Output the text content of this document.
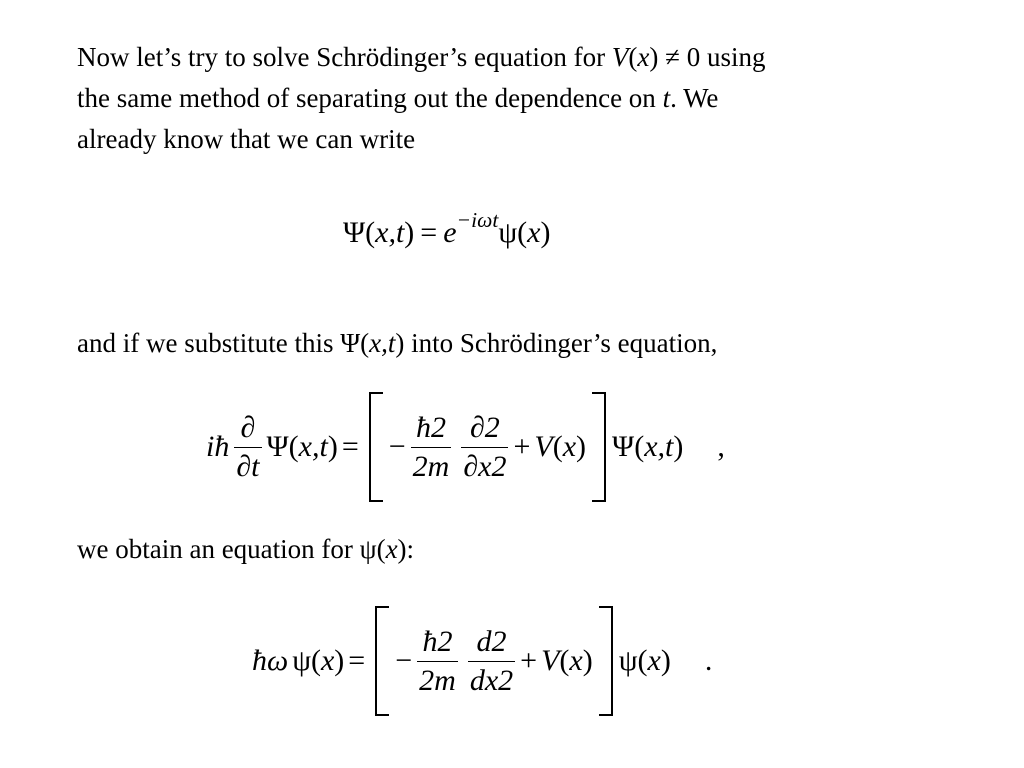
Now let’s try to solve Schrödinger’s equation for V(x) ≠ 0 using
the same method of separating out the dependence on t. We
already know that we can write

Ψ ( x,t ) = e −iωt ψ ( x )

and if we substitute this Ψ(x,t) into Schrödinger’s equation,

iħ $\frac{\partial}{\partial t}$ Ψ ( x,t ) = − $\frac{ħ2}{2m} \frac{\partial 2}{\partial x2} + V$ ( x ) Ψ ( x,t ) ,

we obtain an equation for ψ(x):

ħω ψ ( x ) = − $\frac{ħ2}{2m} \frac{d2}{dx2} + V$ ( x ) ψ ( x ) .
